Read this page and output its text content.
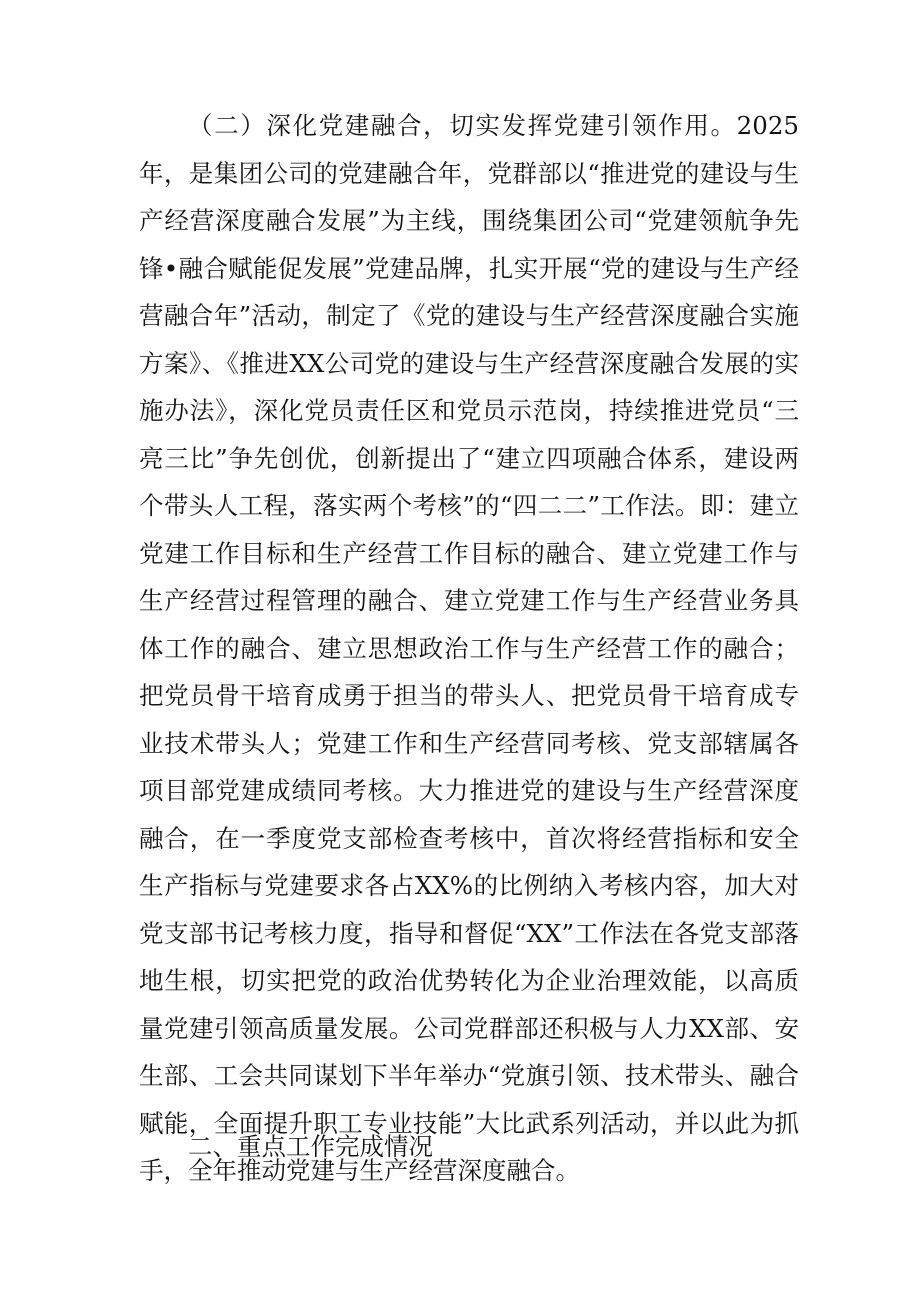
（二）深化党建融合，切实发挥党建引领作用。2025年，是集团公司的党建融合年，党群部以“推进党的建设与生产经营深度融合发展”为主线，围绕集团公司“党建领航争先锋•融合赋能促发展”党建品牌，扎实开展“党的建设与生产经营融合年”活动，制定了《党的建设与生产经营深度融合实施方案》、《推进XX公司党的建设与生产经营深度融合发展的实施办法》，深化党员责任区和党员示范岗，持续推进党员“三亮三比”争先创优，创新提出了“建立四项融合体系，建设两个带头人工程，落实两个考核”的“四二二”工作法。即：建立党建工作目标和生产经营工作目标的融合、建立党建工作与生产经营过程管理的融合、建立党建工作与生产经营业务具体工作的融合、建立思想政治工作与生产经营工作的融合；把党员骨干培育成勇于担当的带头人、把党员骨干培育成专业技术带头人；党建工作和生产经营同考核、党支部辖属各项目部党建成绩同考核。大力推进党的建设与生产经营深度融合，在一季度党支部检查考核中，首次将经营指标和安全生产指标与党建要求各占XX%的比例纳入考核内容，加大对党支部书记考核力度，指导和督促“XX”工作法在各党支部落地生根，切实把党的政治优势转化为企业治理效能，以高质量党建引领高质量发展。公司党群部还积极与人力XX部、安生部、工会共同谋划下半年举办“党旗引领、技术带头、融合赋能，全面提升职工专业技能”大比武系列活动，并以此为抓手，全年推动党建与生产经营深度融合。

二、重点工作完成情况
